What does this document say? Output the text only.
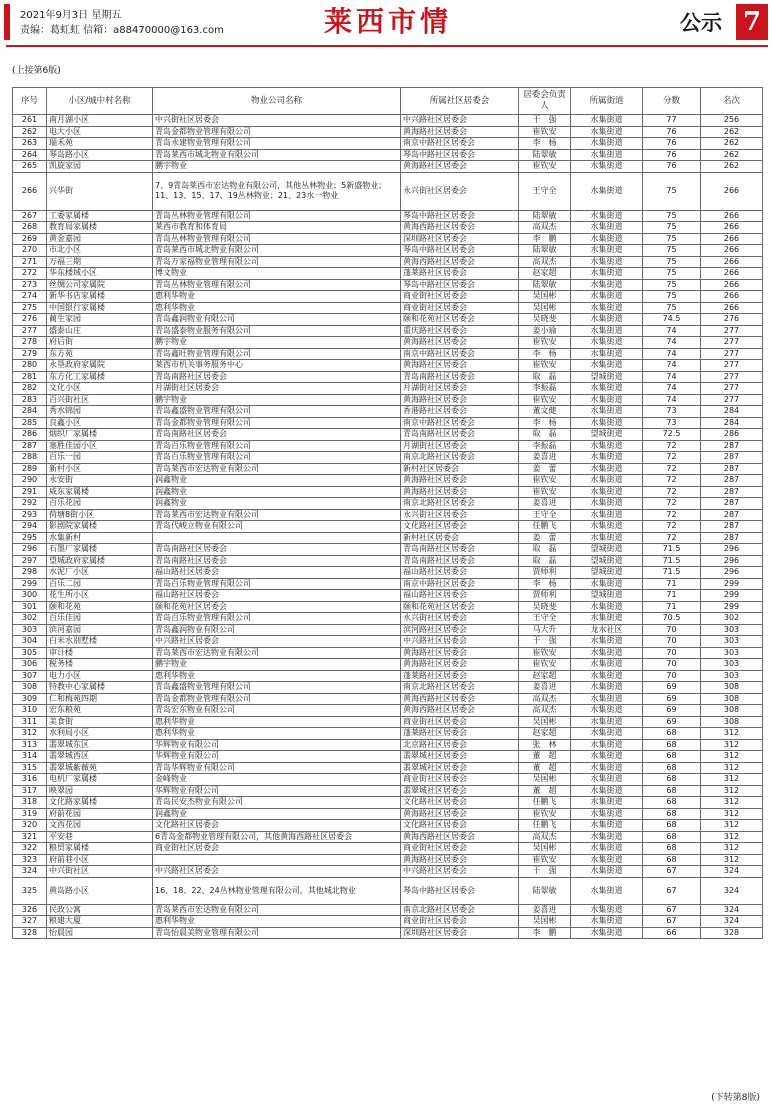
2021年9月3日 星期五
责编：葛虹虹 信箱：a88470000@163.com	莱西市情	公示 7
(上接第6版)
序号	小区/城中村名称	物业公司名称	所属社区居委会	居委会负责人	所属街道	分数	名次
261	南月湖小区	中兴街社区居委会	中兴路社区居委会	于　强	水集街道	77	256
262	电大小区	青岛金都物业管理有限公司	黄海路社区居委会	崔钦安	水集街道	76	262
263	瑞禾苑	青岛永建物业管理有限公司	南京中路社区居委会	李　杨	水集街道	76	262
264	琴岛路小区	青岛莱西市城北物业有限公司	琴岛中路社区居委会	陆翠敏	水集街道	76	262
265	凯旋家园	鹏宇物业	黄海路社区居委会	崔钦安	水集街道	76	262
266	兴华街	7、9青岛莱西市宏达物业有限公司，其他丛林物业；5新盛物业；11、13、15、17、19丛林物业；21、23水一物业	永兴街社区居委会	王守全	水集街道	75	266
267	工委家属楼	青岛丛林物业管理有限公司	琴岛中路社区居委会	陆翠敏	水集街道	75	266
268	教育局家属楼	莱西市教育和体育局	黄海西路社区居委会	高双杰	水集街道	75	266
269	黄金嘉园	青岛丛林物业管理有限公司	深圳路社区居委会	李　鹏	水集街道	75	266
270	市北小区	青岛莱西市城北物业有限公司	琴岛中路社区居委会	陆翠敏	水集街道	75	266
271	万福三期	青岛万家福物业管理有限公司	黄海西路社区居委会	高双杰	水集街道	75	266
272	华东楼域小区	博文物业	蓬莱路社区居委会	赵家超	水集街道	75	266
273	丝绸公司家属院	青岛丛林物业管理有限公司	琴岛中路社区居委会	陆翠敏	水集街道	75	266
274	新华书店家属楼	惠利华物业	商业街社区居委会	吴国彬	水集街道	75	266
275	中国银行家属楼	惠利华物业	商业街社区居委会	吴国彬	水集街道	75	266
276	蔺生家园	青岛鑫润物业有限公司	颐和花苑社区居委会	吴晓斐	水集街道	74.5	276
277	盛泰山庄	青岛盛泰物业服务有限公司	重庆路社区居委会	姜小瑜	水集街道	74	277
278	府后街	鹏宇物业	黄海路社区居委会	崔钦安	水集街道	74	277
279	东方苑	青岛鑫旺物业管理有限公司	南京中路社区居委会	李　杨	水集街道	74	277
280	永垦政府家属院	莱西市机关事务服务中心	黄海路社区居委会	崔钦安	水集街道	74	277
281	东方化工家属楼	青岛南路社区居委会	青岛南路社区居委会	取　磊	望城街道	74	277
282	文化小区	月湖街社区居委会	月湖街社区居委会	李振磊	水集街道	74	277
283	百兴街社区	鹏宇物业	黄海路社区居委会	崔钦安	水集街道	74	277
284	秀水锦园	青岛鑫盛物业管理有限公司	香港路社区居委会	董文健	水集街道	73	284
285	良鑫小区	青岛金都物业管理有限公司	南京中路社区居委会	李　杨	水集街道	73	284
286	烟织厂家属楼	青岛南路社区居委会	青岛南路社区居委会	取　磊	望城街道	72.5	286
287	塞胜佳园小区	青岛百乐物业管理有限公司	月湖街社区居委会	李振磊	水集街道	72	287
288	百乐一园	青岛百乐物业管理有限公司	南京北路社区居委会	姜喜进	水集街道	72	287
289	新村小区	青岛莱西市宏达物业有限公司	新村社区居委会	姜　蕾	水集街道	72	287
290	永安街	润鑫物业	黄海路社区居委会	崔钦安	水集街道	72	287
291	威东家属楼	润鑫物业	黄海路社区居委会	崔钦安	水集街道	72	287
292	百乐花园	润鑫物业	南京北路社区居委会	姜喜进	水集街道	72	287
293	荷塘8街小区	青岛莱西市宏达物业有限公司	永兴街社区居委会	王守全	水集街道	72	287
294	影剧院家属楼	青岛代峻立物业有限公司	文化路社区居委会	任鹏飞	水集街道	72	287
295	水集新村		新村社区居委会	姜　蕾	水集街道	72	287
296	石墨厂家属楼	青岛南路社区居委会	青岛南路社区居委会	取　磊	望城街道	71.5	296
297	望城政府家属楼	青岛南路社区居委会	青岛南路社区居委会	取　磊	望城街道	71.5	296
298	水泥厂小区	福山路社区居委会	福山路社区居委会	贾师利	望城街道	71.5	296
299	百乐二园	青岛百乐物业管理有限公司	南京中路社区居委会	李　杨	水集街道	71	299
300	花生所小区	福山路社区居委会	福山路社区居委会	贾师利	望城街道	71	299
301	颐和花苑	颐和花苑社区居委会	颐和花苑社区居委会	吴晓斐	水集街道	71	299
302	百乐佳园	青岛百乐物业管理有限公司	永兴街社区居委会	王守全	水集街道	70.5	302
303	滨河嘉园	青岛鑫润物业有限公司	滨河路社区居委会	马大升	龙水社区	70	303
304	白米水别墅楼	中兴路社区居委会	中兴路社区居委会	于　强	水集街道	70	303
305	审计楼	青岛莱西市宏达物业有限公司	黄海路社区居委会	崔钦安	水集街道	70	303
306	税务楼	鹏宇物业	黄海路社区居委会	崔钦安	水集街道	70	303
307	电力小区	惠利华物业	蓬莱路社区居委会	赵家超	水集街道	70	303
308	特教中心家属楼	青岛鑫盛物业管理有限公司	南京北路社区居委会	姜喜进	水集街道	69	308
309	仁和梅苑四期	青岛金都物业管理有限公司	黄海西路社区居委会	高双杰	水集街道	69	308
310	宏东粮苑	青岛宏东物业有限公司	黄海西路社区居委会	高双杰	水集街道	69	308
311	美食街	惠利华物业	商业街社区居委会	吴国彬	水集街道	69	308
312	水利局小区	惠利华物业	蓬莱路社区居委会	赵家超	水集街道	68	312
313	翡翠城东区	华辉物业有限公司	北京路社区居委会	张　林	水集街道	68	312
314	翡翠城西区	华辉物业有限公司	翡翠城社区居委会	董　超	水集街道	68	312
315	翡翠城紫薇苑	青岛华辉物业有限公司	翡翠城社区居委会	董　超	水集街道	68	312
316	电机厂家属楼	金峰物业	商业街社区居委会	吴国彬	水集街道	68	312
317	映翠园	华辉物业有限公司	翡翠城社区居委会	董　超	水集街道	68	312
318	文化路家属楼	青岛民安杰物业有限公司	文化路社区居委会	任鹏飞	水集街道	68	312
319	府前花园	润鑫物业	黄海路社区居委会	崔钦安	水集街道	68	312
320	文西花园	文化路社区居委会	文化路社区居委会	任鹏飞	水集街道	68	312
321	平安巷	6青岛金都物业管理有限公司，其他黄海西路社区居委会	黄海西路社区居委会	高双杰	水集街道	68	312
322	粮贸家属楼	商业街社区居委会	商业街社区居委会	吴国彬	水集街道	68	312
323	府前巷小区		黄海路社区居委会	崔钦安	水集街道	68	312
324	中兴街社区	中兴路社区居委会	中兴路社区居委会	于　强	水集街道	67	324
325	黄岛路小区	16、18、22、24丛林物业管理有限公司，其他城北物业	琴岛中路社区居委会	陆翠敏	水集街道	67	324
326	民政公寓	青岛莱西市宏达物业有限公司	南京北路社区居委会	姜喜进	水集街道	67	324
327	粮建大厦	惠利华物业	商业街社区居委会	吴国彬	水集街道	67	324
328	怡晨园	青岛怡晨美物业管理有限公司	深圳路社区居委会	李　鹏	水集街道	66	328
(下转第8版)
